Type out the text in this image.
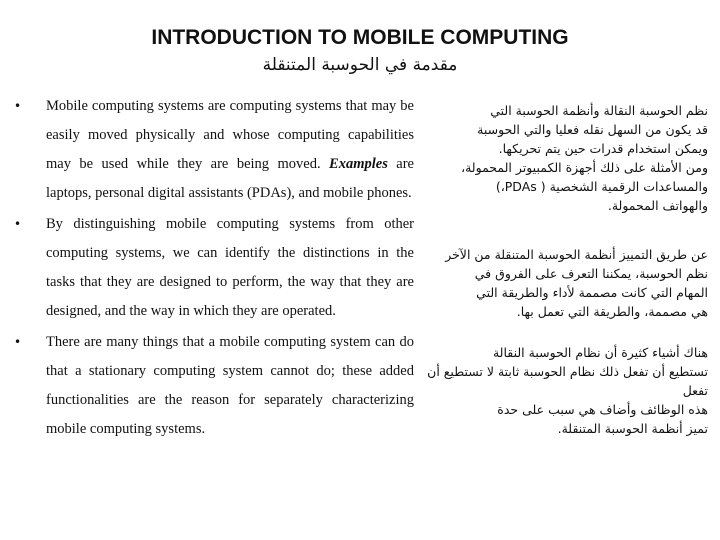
INTRODUCTION TO MOBILE COMPUTING
مقدمة في الحوسبة المتنقلة
• Mobile computing systems are computing systems that may be easily moved physically and whose computing capabilities may be used while they are being moved. Examples are laptops, personal digital assistants (PDAs), and mobile phones.
• By distinguishing mobile computing systems from other computing systems, we can identify the distinctions in the tasks that they are designed to perform, the way that they are designed, and the way in which they are operated.
• There are many things that a mobile computing system can do that a stationary computing system cannot do; these added functionalities are the reason for separately characterizing mobile computing systems.
نظم الحوسبة النقالة وأنظمة الحوسبة التي
قد يكون من السهل نقله فعليا والتي الحوسبة
ويمكن استخدام قدرات حين يتم تحريكها.
ومن الأمثلة على ذلك أجهزة الكمبيوتر المحمولة،
والمساعدات الرقمية الشخصية ( PDAs،)
والهواتف المحمولة.
عن طريق التمييز أنظمة الحوسبة المتنقلة من الآخر
نظم الحوسبة، يمكننا التعرف على الفروق في
المهام التي كانت مصممة لأداء والطريقة التي
هي مصممة، والطريقة التي تعمل بها.
هناك أشياء كثيرة أن نظام الحوسبة النقالة
تستطيع أن تفعل ذلك نظام الحوسبة ثابتة لا تستطيع أن
تفعل
هذه الوظائف وأضاف هي سبب على حدة
تميز أنظمة الحوسبة المتنقلة.
